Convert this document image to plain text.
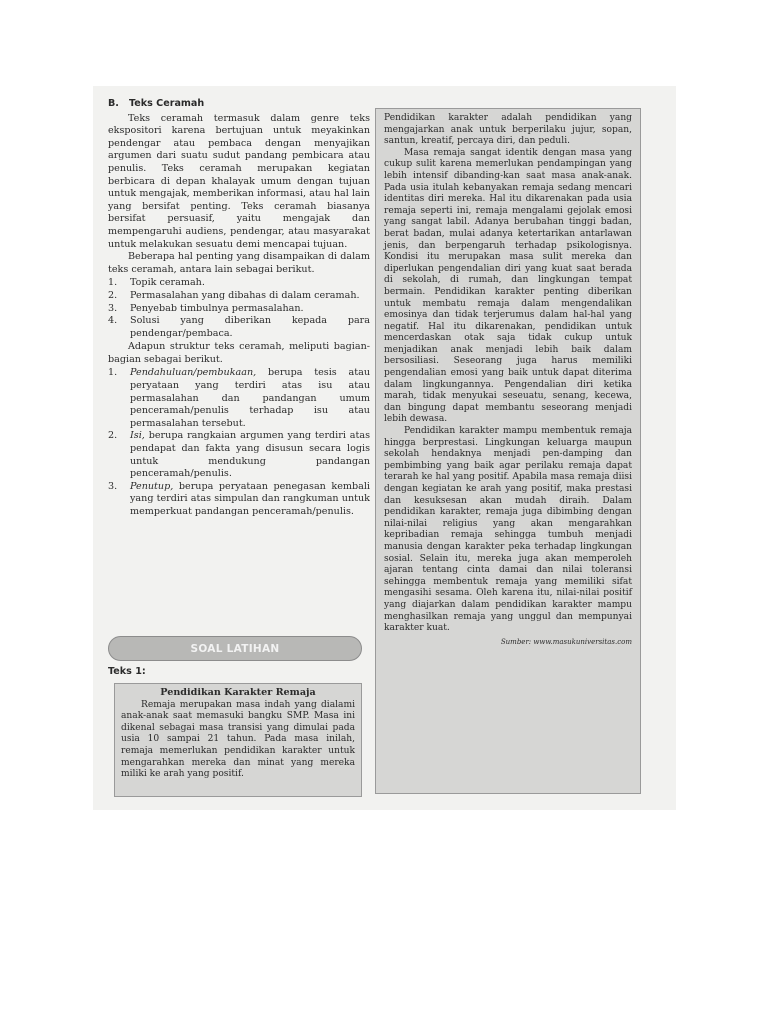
B. Teks Ceramah

Teks ceramah termasuk dalam genre teks ekspositori karena bertujuan untuk meyakinkan pendengar atau pembaca dengan menyajikan argumen dari suatu sudut pandang pembicara atau penulis. Teks ceramah merupakan kegiatan berbicara di depan khalayak umum dengan tujuan untuk mengajak, memberikan informasi, atau hal lain yang bersifat penting. Teks ceramah biasanya bersifat persuasif, yaitu mengajak dan mempengaruhi audiens, pendengar, atau masyarakat untuk melakukan sesuatu demi mencapai tujuan.

Beberapa hal penting yang disampaikan di dalam teks ceramah, antara lain sebagai berikut.

1. Topik ceramah.
2. Permasalahan yang dibahas di dalam ceramah.
3. Penyebab timbulnya permasalahan.
4. Solusi yang diberikan kepada para pendengar/pembaca.

Adapun struktur teks ceramah, meliputi bagian-bagian sebagai berikut.

1. Pendahuluan/pembukaan, berupa tesis atau peryataan yang terdiri atas isu atau permasalahan dan pandangan umum penceramah/penulis terhadap isu atau permasalahan tersebut.
2. Isi, berupa rangkaian argumen yang terdiri atas pendapat dan fakta yang disusun secara logis untuk mendukung pandangan penceramah/penulis.
3. Penutup, berupa peryataan penegasan kembali yang terdiri atas simpulan dan rangkuman untuk memperkuat pandangan penceramah/penulis.
SOAL LATIHAN
Teks 1:
Pendidikan Karakter Remaja

Remaja merupakan masa indah yang dialami anak-anak saat memasuki bangku SMP. Masa ini dikenal sebagai masa transisi yang dimulai pada usia 10 sampai 21 tahun. Pada masa inilah, remaja memerlukan pendidikan karakter untuk mengarahkan mereka dan minat yang mereka miliki ke arah yang positif.

Pendidikan karakter adalah pendidikan yang mengajarkan anak untuk berperilaku jujur, sopan, santun, kreatif, percaya diri, dan peduli.

Masa remaja sangat identik dengan masa yang cukup sulit karena memerlukan pendampingan yang lebih intensif dibanding-kan saat masa anak-anak. Pada usia itulah kebanyakan remaja sedang mencari identitas diri mereka. Hal itu dikarenakan pada usia remaja seperti ini, remaja mengalami gejolak emosi yang sangat labil. Adanya berubahan tinggi badan, berat badan, mulai adanya ketertarikan antarlawan jenis, dan berpengaruh terhadap psikologisnya. Kondisi itu merupakan masa sulit mereka dan diperlukan pengendalian diri yang kuat saat berada di sekolah, di rumah, dan lingkungan tempat bermain. Pendidikan karakter penting diberikan untuk membatu remaja dalam mengendalikan emosinya dan tidak terjerumus dalam hal-hal yang negatif. Hal itu dikarenakan, pendidikan untuk mencerdaskan otak saja tidak cukup untuk menjadikan anak menjadi lebih baik dalam bersosiliasi. Seseorang juga harus memiliki pengendalian emosi yang baik untuk dapat diterima dalam lingkungannya. Pengendalian diri ketika marah, tidak menyukai seseuatu, senang, kecewa, dan bingung dapat membantu seseorang menjadi lebih dewasa.

Pendidikan karakter mampu membentuk remaja hingga berprestasi. Lingkungan keluarga maupun sekolah hendaknya menjadi pen-damping dan pembimbing yang baik agar perilaku remaja dapat terarah ke hal yang positif. Apabila masa remaja diisi dengan kegiatan ke arah yang positif, maka prestasi dan kesuksesan akan mudah diraih. Dalam pendidikan karakter, remaja juga dibimbing dengan nilai-nilai religius yang akan mengarahkan kepribadian remaja sehingga tumbuh menjadi manusia dengan karakter peka terhadap lingkungan sosial. Selain itu, mereka juga akan memperoleh ajaran tentang cinta damai dan nilai toleransi sehingga membentuk remaja yang memiliki sifat mengasihi sesama. Oleh karena itu, nilai-nilai positif yang diajarkan dalam pendidikan karakter mampu menghasilkan remaja yang unggul dan mempunyai karakter kuat.

Sumber: www.masukuniversitas.com
